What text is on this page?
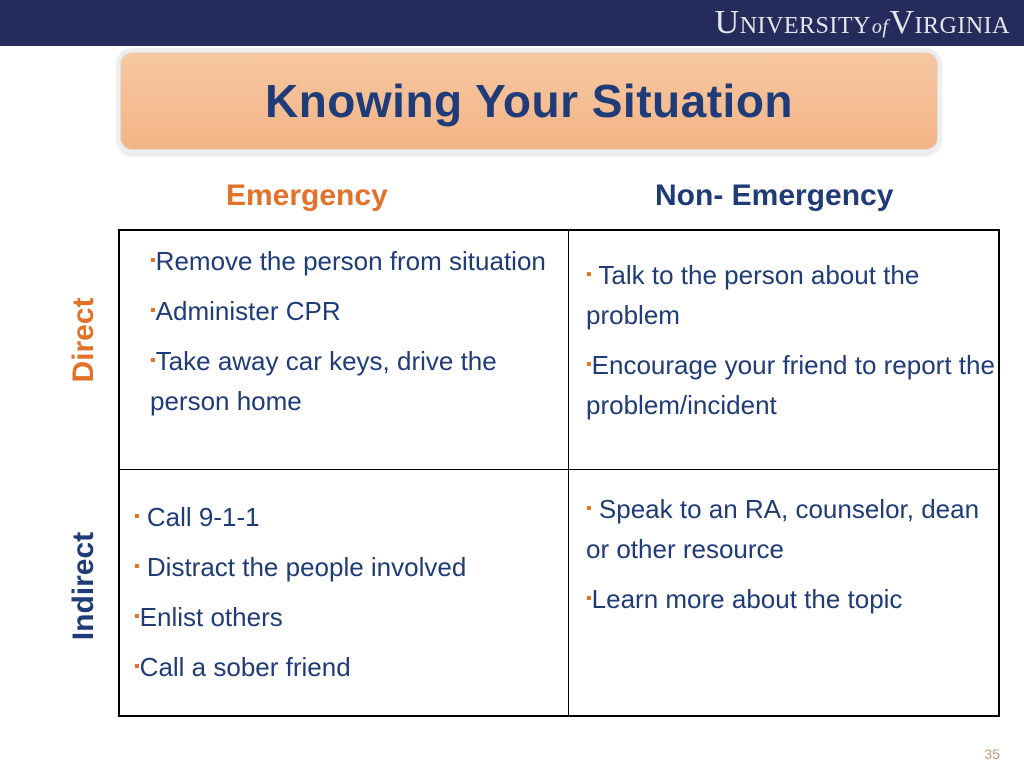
UniversityofVirginia
Knowing Your Situation
Emergency	Non- Emergency
Direct
Indirect

▪Remove the person from situation

▪Administer CPR

▪Take away car keys, drive the person home

▪ Talk to the person about the problem

▪Encourage your friend to report the problem/incident

▪ Call 9-1-1

▪ Distract the people involved

▪Enlist others

▪Call a sober friend

▪ Speak to an RA, counselor, dean or other resource

▪Learn more about the topic

35
